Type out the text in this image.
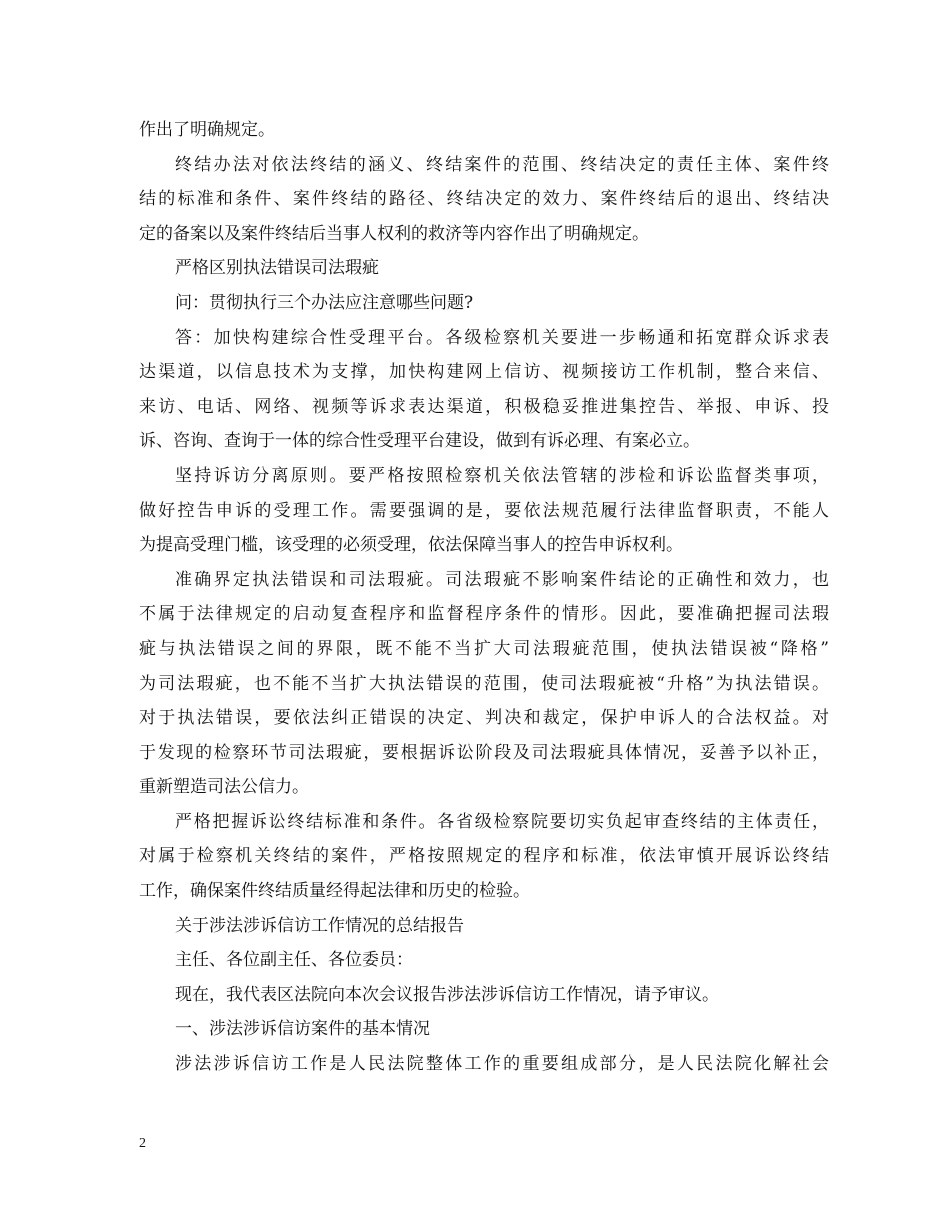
作出了明确规定。
终结办法对依法终结的涵义、终结案件的范围、终结决定的责任主体、案件终
结的标准和条件、案件终结的路径、终结决定的效力、案件终结后的退出、终结决
定的备案以及案件终结后当事人权利的救济等内容作出了明确规定。
严格区别执法错误司法瑕疵
问：贯彻执行三个办法应注意哪些问题?
答：加快构建综合性受理平台。各级检察机关要进一步畅通和拓宽群众诉求表
达渠道，以信息技术为支撑，加快构建网上信访、视频接访工作机制，整合来信、
来访、电话、网络、视频等诉求表达渠道，积极稳妥推进集控告、举报、申诉、投
诉、咨询、查询于一体的综合性受理平台建设，做到有诉必理、有案必立。
坚持诉访分离原则。要严格按照检察机关依法管辖的涉检和诉讼监督类事项，
做好控告申诉的受理工作。需要强调的是，要依法规范履行法律监督职责，不能人
为提高受理门槛，该受理的必须受理，依法保障当事人的控告申诉权利。
准确界定执法错误和司法瑕疵。司法瑕疵不影响案件结论的正确性和效力，也
不属于法律规定的启动复查程序和监督程序条件的情形。因此，要准确把握司法瑕
疵与执法错误之间的界限，既不能不当扩大司法瑕疵范围，使执法错误被“降格”
为司法瑕疵，也不能不当扩大执法错误的范围，使司法瑕疵被“升格”为执法错误。
对于执法错误，要依法纠正错误的决定、判决和裁定，保护申诉人的合法权益。对
于发现的检察环节司法瑕疵，要根据诉讼阶段及司法瑕疵具体情况，妥善予以补正，
重新塑造司法公信力。
严格把握诉讼终结标准和条件。各省级检察院要切实负起审查终结的主体责任，
对属于检察机关终结的案件，严格按照规定的程序和标准，依法审慎开展诉讼终结
工作，确保案件终结质量经得起法律和历史的检验。
关于涉法涉诉信访工作情况的总结报告
主任、各位副主任、各位委员：
现在，我代表区法院向本次会议报告涉法涉诉信访工作情况，请予审议。
一、涉法涉诉信访案件的基本情况
涉法涉诉信访工作是人民法院整体工作的重要组成部分，是人民法院化解社会
2
